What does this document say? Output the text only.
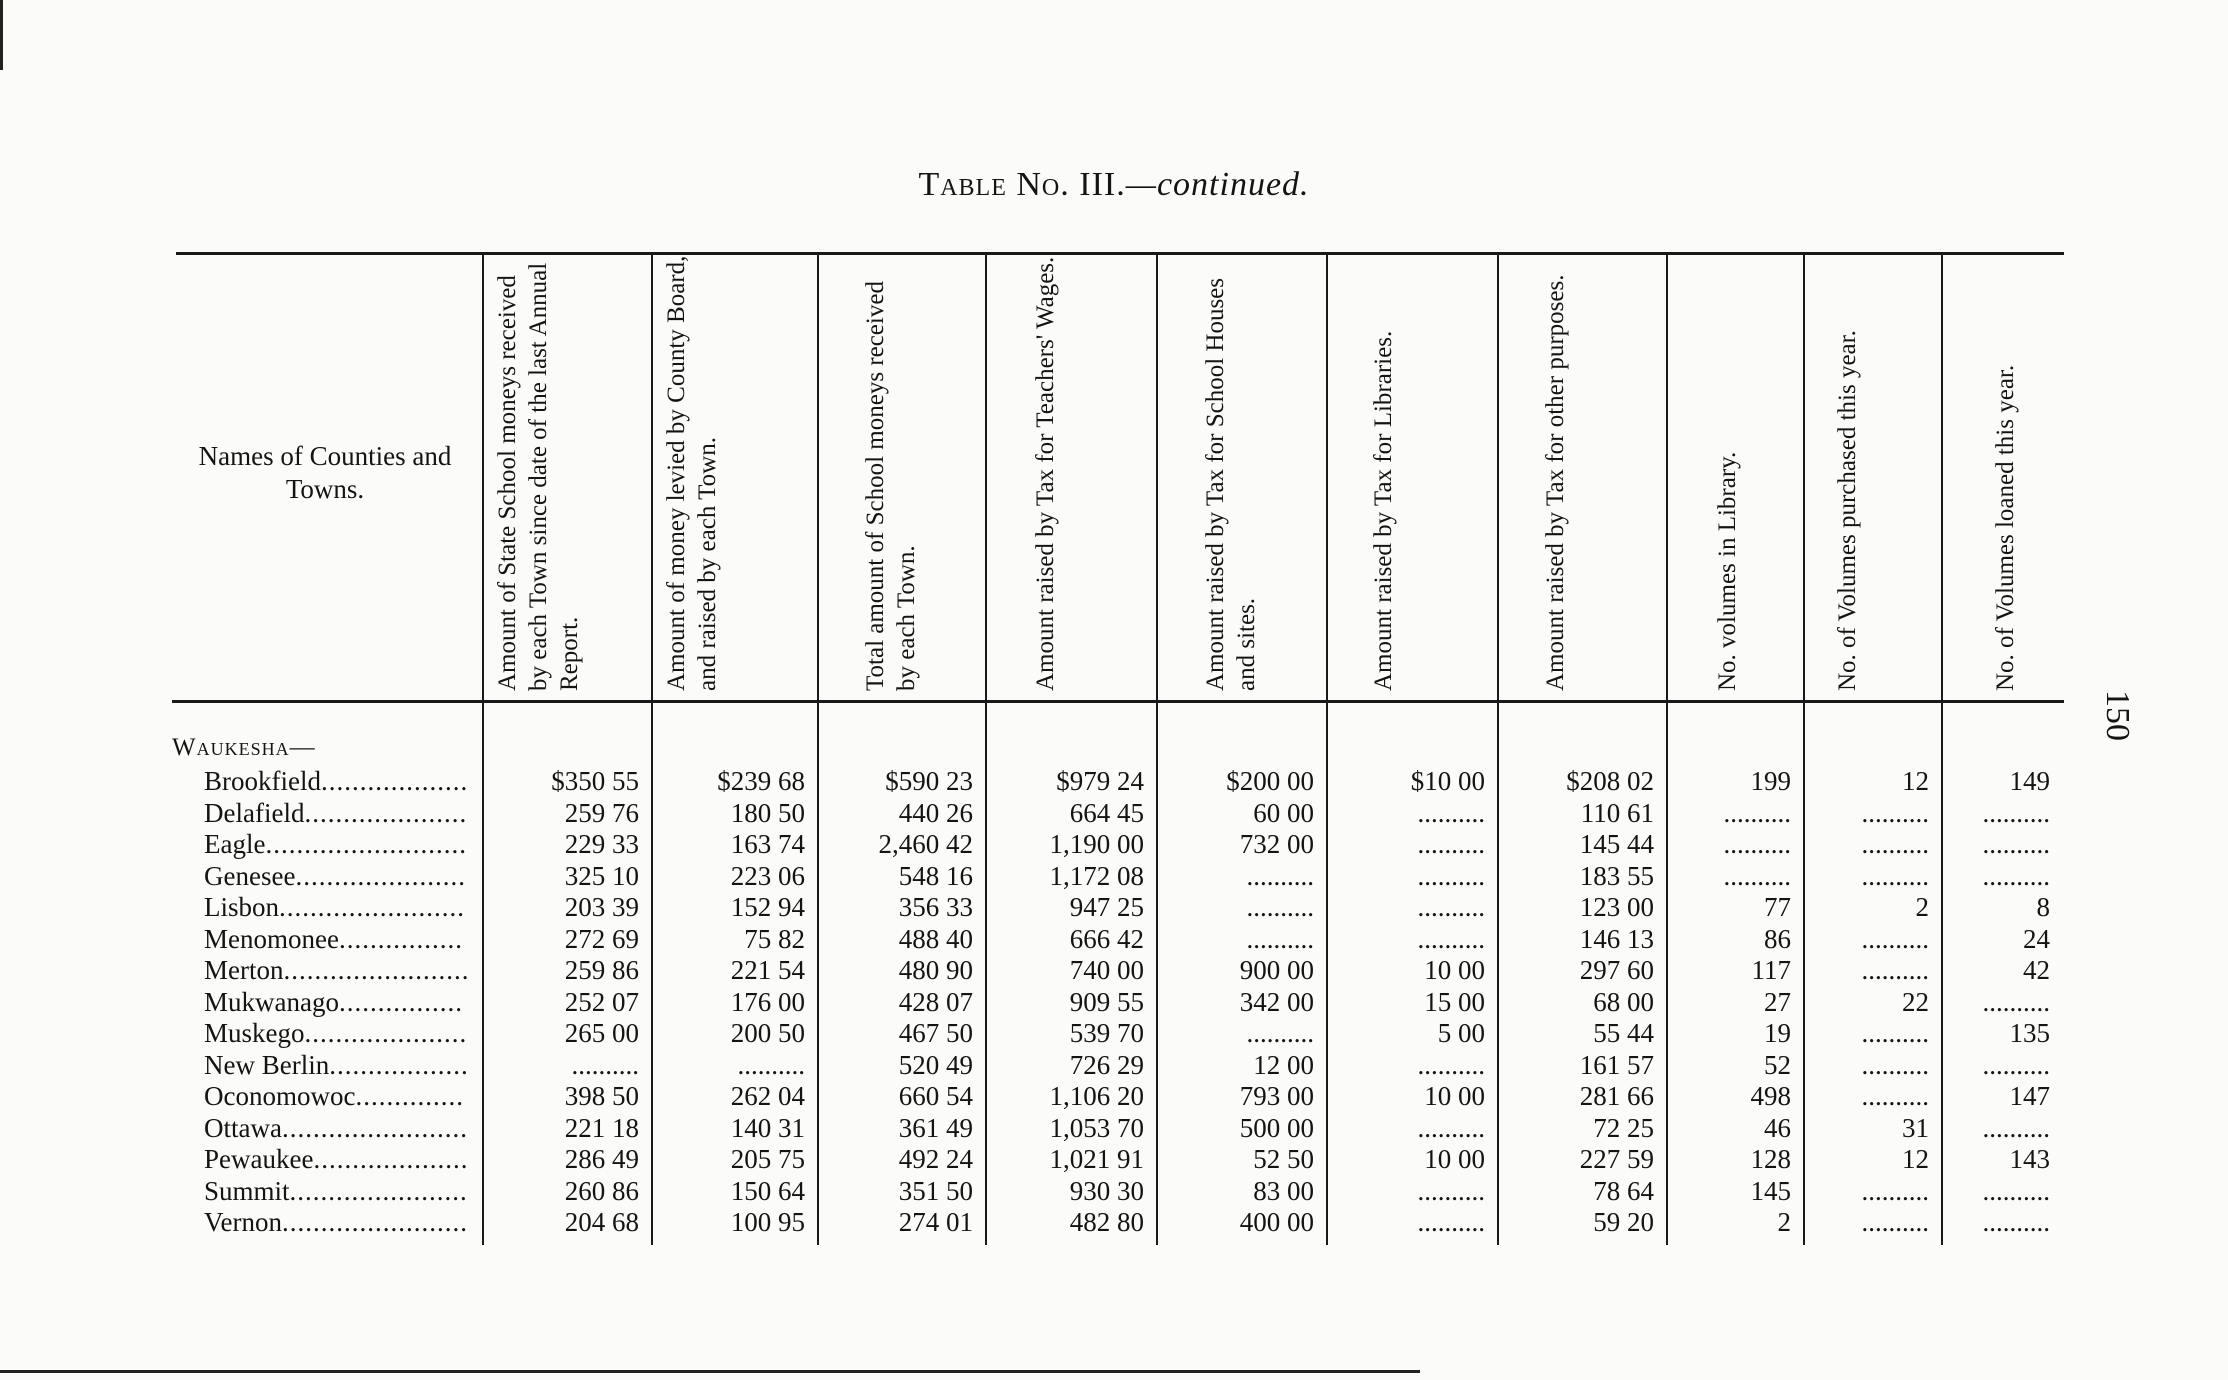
Table No. III.—continued.
150
Names of Counties and Towns.	Amount of State School moneys received by each Town since date of the last Annual Report.	Amount of money levied by County Board, and raised by each Town.	Total amount of School moneys received by each Town.	Amount raised by Tax for Teachers' Wages.	Amount raised by Tax for School Houses and sites.	Amount raised by Tax for Libraries.	Amount raised by Tax for other purposes.	No. volumes in Library.	No. of Volumes purchased this year.	No. of Volumes loaned this year.
Waukesha—
Brookfield...................	$350 55	$239 68	$590 23	$979 24	$200 00	$10 00	$208 02	199	12	149
Delafield.....................	259 76	180 50	440 26	664 45	60 00	..........	110 61	..........	..........	..........
Eagle..........................	229 33	163 74	2,460 42	1,190 00	732 00	..........	145 44	..........	..........	..........
Genesee......................	325 10	223 06	548 16	1,172 08	..........	..........	183 55	..........	..........	..........
Lisbon........................	203 39	152 94	356 33	947 25	..........	..........	123 00	77	2	8
Menomonee................	272 69	75 82	488 40	666 42	..........	..........	146 13	86	..........	24
Merton........................	259 86	221 54	480 90	740 00	900 00	10 00	297 60	117	..........	42
Mukwanago................	252 07	176 00	428 07	909 55	342 00	15 00	68 00	27	22	..........
Muskego.....................	265 00	200 50	467 50	539 70	..........	5 00	55 44	19	..........	135
New Berlin..................	..........	..........	520 49	726 29	12 00	..........	161 57	52	..........	..........
Oconomowoc..............	398 50	262 04	660 54	1,106 20	793 00	10 00	281 66	498	..........	147
Ottawa........................	221 18	140 31	361 49	1,053 70	500 00	..........	72 25	46	31	..........
Pewaukee....................	286 49	205 75	492 24	1,021 91	52 50	10 00	227 59	128	12	143
Summit.......................	260 86	150 64	351 50	930 30	83 00	..........	78 64	145	..........	..........
Vernon........................	204 68	100 95	274 01	482 80	400 00	..........	59 20	2	..........	..........
